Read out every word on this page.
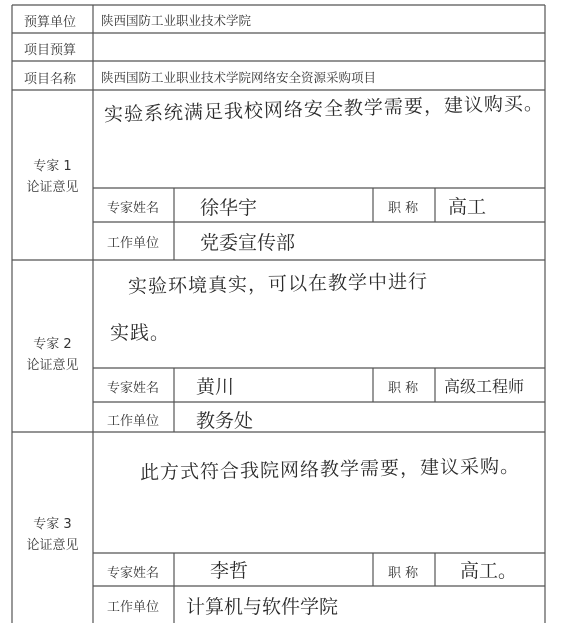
预算单位 陕西国防工业职业技术学院
项目预算
项目名称 陕西国防工业职业技术学院网络安全资源采购项目
专家 1
论证意见
实验系统满足我校网络安全教学需要，建议购买。
专家姓名 徐华宇	职 称 高工
工作单位 党委宣传部
专家 2
论证意见
实验环境真实，可以在教学中进行
实践。
专家姓名 黄川	职 称 高级工程师
工作单位 教务处
专家 3
论证意见
此方式符合我院网络教学需要，建议采购。
专家姓名	李哲	职 称 高工。
工作单位 计算机与软件学院
